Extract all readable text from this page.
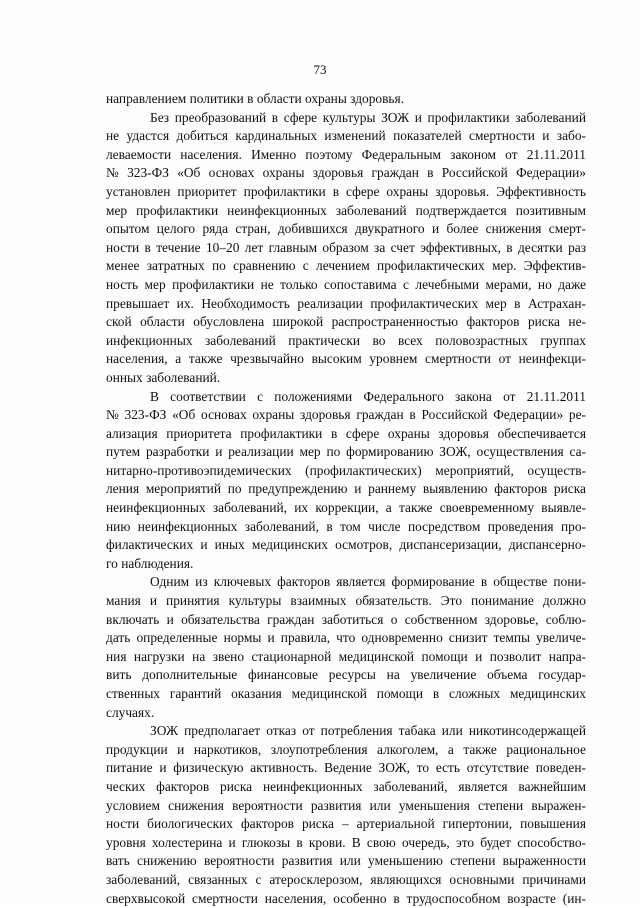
73

направлением политики в области охраны здоровья.

Без преобразований в сфере культуры ЗОЖ и профилактики заболеваний
не удастся добиться кардинальных изменений показателей смертности и забо-
леваемости населения. Именно поэтому Федеральным законом от 21.11.2011
№ 323-ФЗ «Об основах охраны здоровья граждан в Российской Федерации»
установлен приоритет профилактики в сфере охраны здоровья. Эффективность
мер профилактики неинфекционных заболеваний подтверждается позитивным
опытом целого ряда стран, добившихся двукратного и более снижения смерт-
ности в течение 10–20 лет главным образом за счет эффективных, в десятки раз
менее затратных по сравнению с лечением профилактических мер. Эффектив-
ность мер профилактики не только сопоставима с лечебными мерами, но даже
превышает их. Необходимость реализации профилактических мер в Астрахан-
ской области обусловлена широкой распространенностью факторов риска не-
инфекционных заболеваний практически во всех половозрастных группах
населения, а также чрезвычайно высоким уровнем смертности от неинфекци-
онных заболеваний.

В соответствии с положениями Федерального закона от 21.11.2011
№ 323-ФЗ «Об основах охраны здоровья граждан в Российской Федерации» ре-
ализация приоритета профилактики в сфере охраны здоровья обеспечивается
путем разработки и реализации мер по формированию ЗОЖ, осуществления са-
нитарно-противоэпидемических (профилактических) мероприятий, осуществ-
ления мероприятий по предупреждению и раннему выявлению факторов риска
неинфекционных заболеваний, их коррекции, а также своевременному выявле-
нию неинфекционных заболеваний, в том числе посредством проведения про-
филактических и иных медицинских осмотров, диспансеризации, диспансерно-
го наблюдения.

Одним из ключевых факторов является формирование в обществе пони-
мания и принятия культуры взаимных обязательств. Это понимание должно
включать и обязательства граждан заботиться о собственном здоровье, соблю-
дать определенные нормы и правила, что одновременно снизит темпы увеличе-
ния нагрузки на звено стационарной медицинской помощи и позволит напра-
вить дополнительные финансовые ресурсы на увеличение объема государ-
ственных гарантий оказания медицинской помощи в сложных медицинских
случаях.

ЗОЖ предполагает отказ от потребления табака или никотинсодержащей
продукции и наркотиков, злоупотребления алкоголем, а также рациональное
питание и физическую активность. Ведение ЗОЖ, то есть отсутствие поведен-
ческих факторов риска неинфекционных заболеваний, является важнейшим
условием снижения вероятности развития или уменьшения степени выражен-
ности биологических факторов риска – артериальной гипертонии, повышения
уровня холестерина и глюкозы в крови. В свою очередь, это будет способство-
вать снижению вероятности развития или уменьшению степени выраженности
заболеваний, связанных с атеросклерозом, являющихся основными причинами
сверхвысокой смертности населения, особенно в трудоспособном возрасте (ин-
